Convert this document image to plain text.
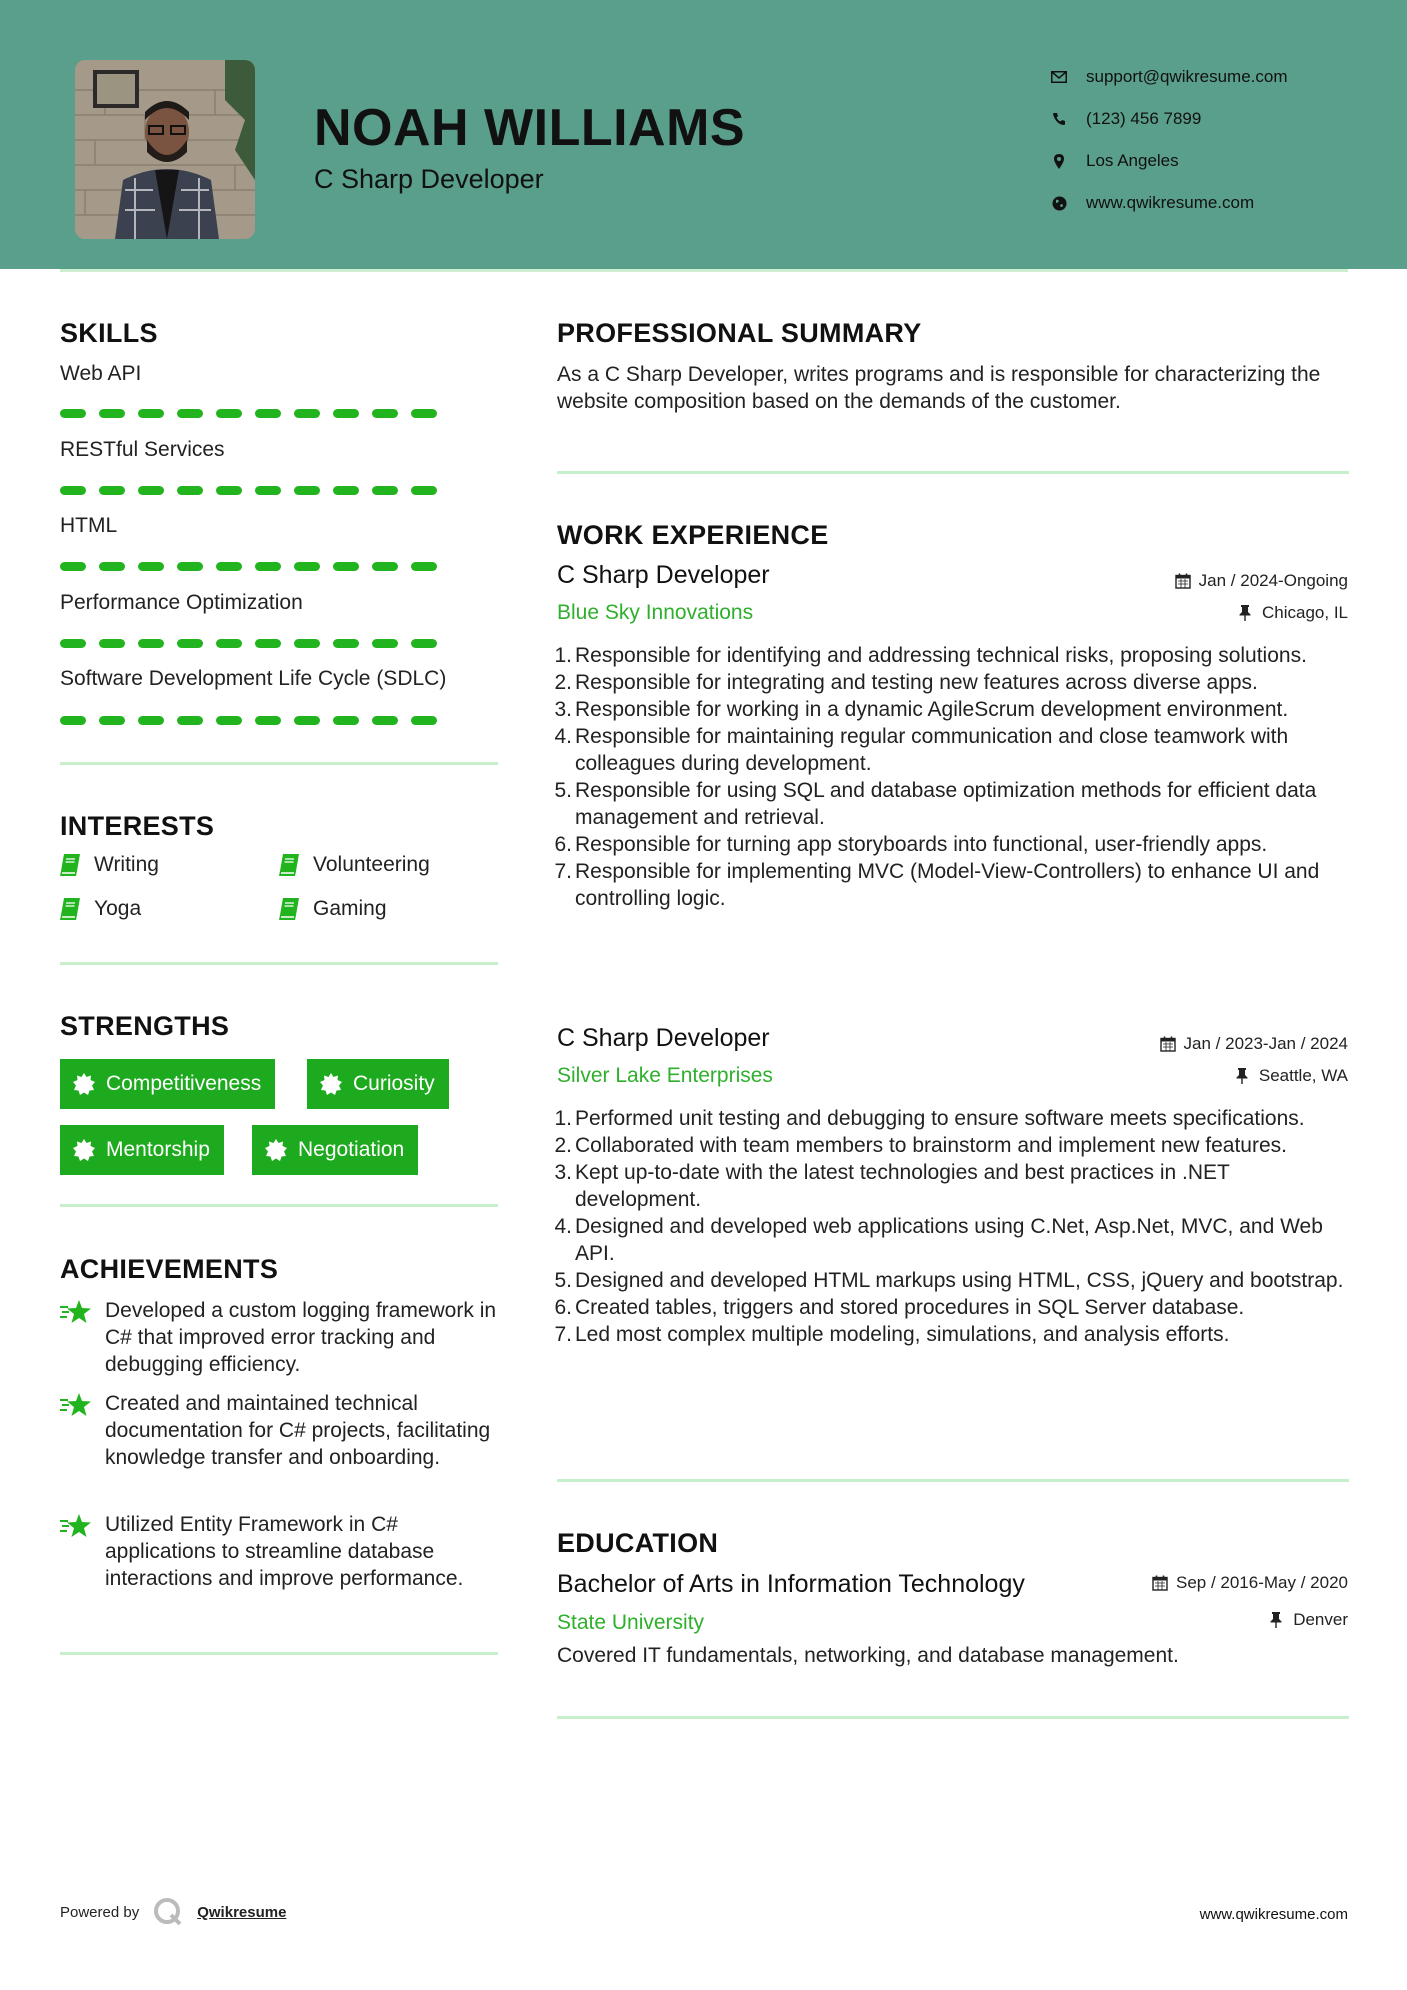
NOAH WILLIAMS
C Sharp Developer
support@qwikresume.com
(123) 456 7899
Los Angeles
www.qwikresume.com
SKILLS
Web API
RESTful Services
HTML
Performance Optimization
Software Development Life Cycle (SDLC)
INTERESTS
Writing	Volunteering
Yoga	Gaming
STRENGTHS
Competitiveness	Curiosity
Mentorship	Negotiation
ACHIEVEMENTS
Developed a custom logging framework in C# that improved error tracking and debugging efficiency.
Created and maintained technical documentation for C# projects, facilitating knowledge transfer and onboarding.
Utilized Entity Framework in C# applications to streamline database interactions and improve performance.
PROFESSIONAL SUMMARY
As a C Sharp Developer, writes programs and is responsible for characterizing the website composition based on the demands of the customer.
WORK EXPERIENCE
C Sharp Developer	Jan / 2024-Ongoing
Blue Sky Innovations	Chicago, IL
Responsible for identifying and addressing technical risks, proposing solutions.
Responsible for integrating and testing new features across diverse apps.
Responsible for working in a dynamic AgileScrum development environment.
Responsible for maintaining regular communication and close teamwork with colleagues during development.
Responsible for using SQL and database optimization methods for efficient data management and retrieval.
Responsible for turning app storyboards into functional, user-friendly apps.
Responsible for implementing MVC (Model-View-Controllers) to enhance UI and controlling logic.
C Sharp Developer	Jan / 2023-Jan / 2024
Silver Lake Enterprises	Seattle, WA
Performed unit testing and debugging to ensure software meets specifications.
Collaborated with team members to brainstorm and implement new features.
Kept up-to-date with the latest technologies and best practices in .NET development.
Designed and developed web applications using C.Net, Asp.Net, MVC, and Web API.
Designed and developed HTML markups using HTML, CSS, jQuery and bootstrap.
Created tables, triggers and stored procedures in SQL Server database.
Led most complex multiple modeling, simulations, and analysis efforts.
EDUCATION
Bachelor of Arts in Information Technology	Sep / 2016-May / 2020
State University	Denver
Covered IT fundamentals, networking, and database management.
Powered by	Qwikresume	www.qwikresume.com
